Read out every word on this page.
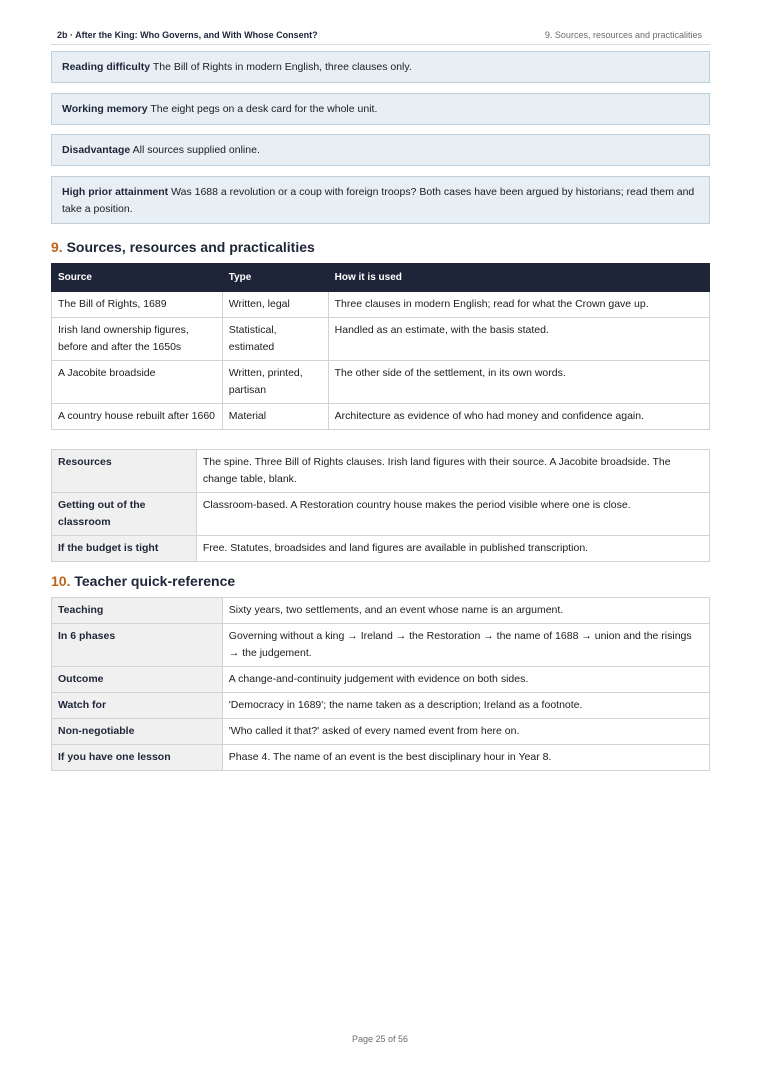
2b · After the King: Who Governs, and With Whose Consent?	9. Sources, resources and practicalities
Reading difficulty The Bill of Rights in modern English, three clauses only.
Working memory The eight pegs on a desk card for the whole unit.
Disadvantage All sources supplied online.
High prior attainment Was 1688 a revolution or a coup with foreign troops? Both cases have been argued by historians; read them and take a position.
9. Sources, resources and practicalities
Source	Type	How it is used
The Bill of Rights, 1689	Written, legal	Three clauses in modern English; read for what the Crown gave up.
Irish land ownership figures, before and after the 1650s	Statistical, estimated	Handled as an estimate, with the basis stated.
A Jacobite broadside	Written, printed, partisan	The other side of the settlement, in its own words.
A country house rebuilt after 1660	Material	Architecture as evidence of who had money and confidence again.
Resources	The spine. Three Bill of Rights clauses. Irish land figures with their source. A Jacobite broadside. The change table, blank.
Getting out of the classroom	Classroom-based. A Restoration country house makes the period visible where one is close.
If the budget is tight	Free. Statutes, broadsides and land figures are available in published transcription.
10. Teacher quick-reference
Teaching	Sixty years, two settlements, and an event whose name is an argument.
In 6 phases	Governing without a king → Ireland → the Restoration → the name of 1688 → union and the risings → the judgement.
Outcome	A change-and-continuity judgement with evidence on both sides.
Watch for	'Democracy in 1689'; the name taken as a description; Ireland as a footnote.
Non-negotiable	'Who called it that?' asked of every named event from here on.
If you have one lesson	Phase 4. The name of an event is the best disciplinary hour in Year 8.
Page 25 of 56
